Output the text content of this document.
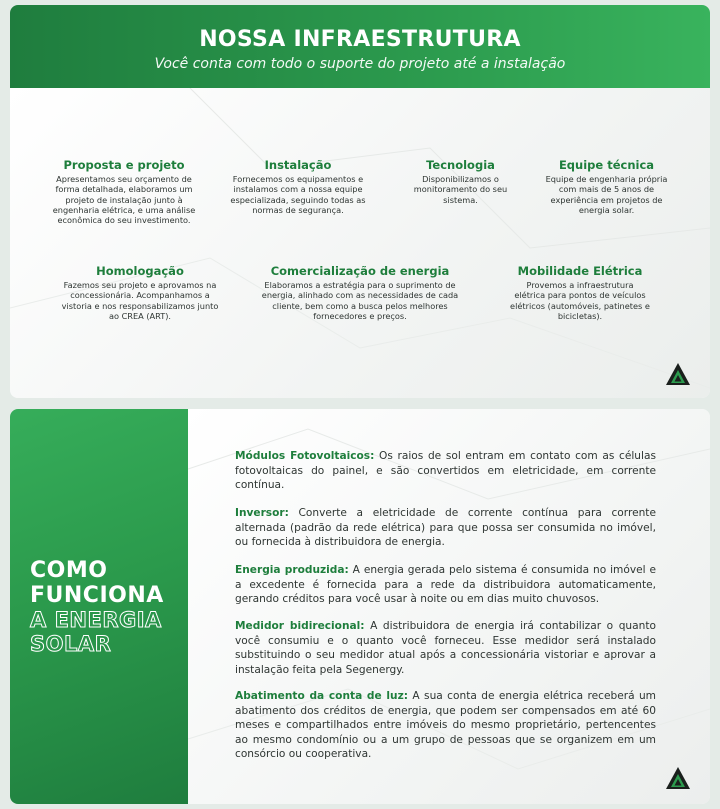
NOSSA INFRAESTRUTURA
Você conta com todo o suporte do projeto até a instalação
Proposta e projeto
Apresentamos seu orçamento de forma detalhada, elaboramos um projeto de instalação junto à engenharia elétrica, e uma análise econômica do seu investimento.
Instalação
Fornecemos os equipamentos e instalamos com a nossa equipe especializada, seguindo todas as normas de segurança.
Tecnologia
Disponibilizamos o monitoramento do seu sistema.
Equipe técnica
Equipe de engenharia própria com mais de 5 anos de experiência em projetos de energia solar.
Homologação
Fazemos seu projeto e aprovamos na concessionária. Acompanhamos a vistoria e nos responsabilizamos junto ao CREA (ART).
Comercialização de energia
Elaboramos a estratégia para o suprimento de energia, alinhado com as necessidades de cada cliente, bem como a busca pelos melhores fornecedores e preços.
Mobilidade Elétrica
Provemos a infraestrutura elétrica para pontos de veículos elétricos (automóveis, patinetes e bicicletas).
COMO
FUNCIONA
A ENERGIA
SOLAR
Módulos Fotovoltaicos: Os raios de sol entram em contato com as células fotovoltaicas do painel, e são convertidos em eletricidade, em corrente contínua.
Inversor: Converte a eletricidade de corrente contínua para corrente alternada (padrão da rede elétrica) para que possa ser consumida no imóvel, ou fornecida à distribuidora de energia.
Energia produzida: A energia gerada pelo sistema é consumida no imóvel e a excedente é fornecida para a rede da distribuidora automaticamente, gerando créditos para você usar à noite ou em dias muito chuvosos.
Medidor bidirecional: A distribuidora de energia irá contabilizar o quanto você consumiu e o quanto você forneceu. Esse medidor será instalado substituindo o seu medidor atual após a concessionária vistoriar e aprovar a instalação feita pela Segenergy.
Abatimento da conta de luz: A sua conta de energia elétrica receberá um abatimento dos créditos de energia, que podem ser compensados em até 60 meses e compartilhados entre imóveis do mesmo proprietário, pertencentes ao mesmo condomínio ou a um grupo de pessoas que se organizem em um consórcio ou cooperativa.
